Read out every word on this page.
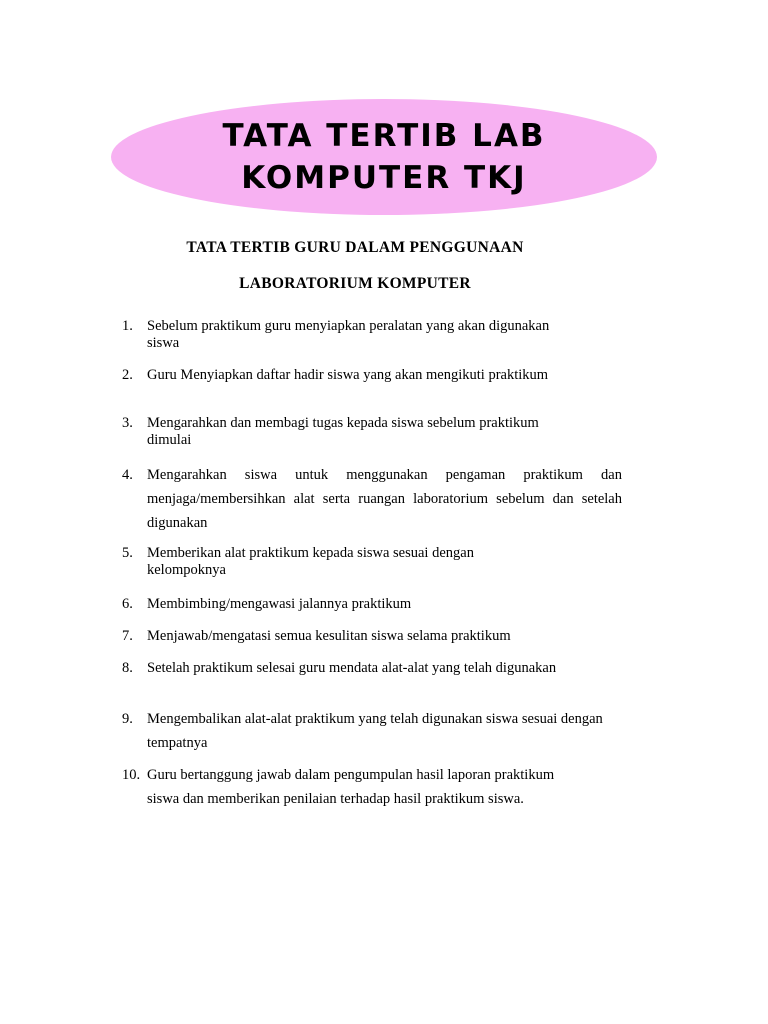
TATA TERTIB LAB
KOMPUTER TKJ
TATA TERTIB GURU DALAM PENGGUNAAN
LABORATORIUM KOMPUTER
1. Sebelum praktikum guru menyiapkan peralatan yang akan digunakan siswa
2. Guru Menyiapkan daftar hadir siswa yang akan mengikuti praktikum
3. Mengarahkan dan membagi tugas kepada siswa sebelum praktikum dimulai
4. Mengarahkan siswa untuk menggunakan pengaman praktikum dan menjaga/membersihkan alat serta ruangan laboratorium sebelum dan setelah digunakan
5. Memberikan alat praktikum kepada siswa sesuai dengan kelompoknya
6. Membimbing/mengawasi jalannya praktikum
7. Menjawab/mengatasi semua kesulitan siswa selama praktikum
8. Setelah praktikum selesai guru mendata alat-alat yang telah digunakan
9. Mengembalikan alat-alat praktikum yang telah digunakan siswa sesuai dengan tempatnya
10. Guru bertanggung jawab dalam pengumpulan hasil laporan praktikum siswa dan memberikan penilaian terhadap hasil praktikum siswa.
